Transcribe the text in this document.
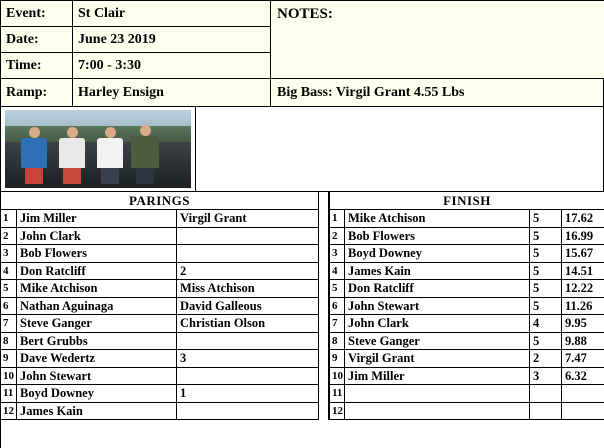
Event:	St Clair
Date:	June 23 2019
Time:	7:00 - 3:30
NOTES:
Ramp:	Harley Ensign	Big Bass: Virgil Grant 4.55 Lbs
PARINGS
1 Jim Miller	Virgil Grant
2 John Clark
3 Bob Flowers
4 Don Ratcliff	2
5 Mike Atchison	Miss Atchison
6 Nathan Aguinaga	David Galleous
7 Steve Ganger	Christian Olson
8 Bert Grubbs
9 Dave Wedertz	3
10 John Stewart
11 Boyd Downey	1
12 James Kain
FINISH
1 Mike Atchison	5	17.62
2 Bob Flowers	5	16.99
3 Boyd Downey	5	15.67
4 James Kain	5	14.51
5 Don Ratcliff	5	12.22
6 John Stewart	5	11.26
7 John Clark	4	9.95
8 Steve Ganger	5	9.88
9 Virgil Grant	2	7.47
10 Jim Miller	3	6.32
11
12
